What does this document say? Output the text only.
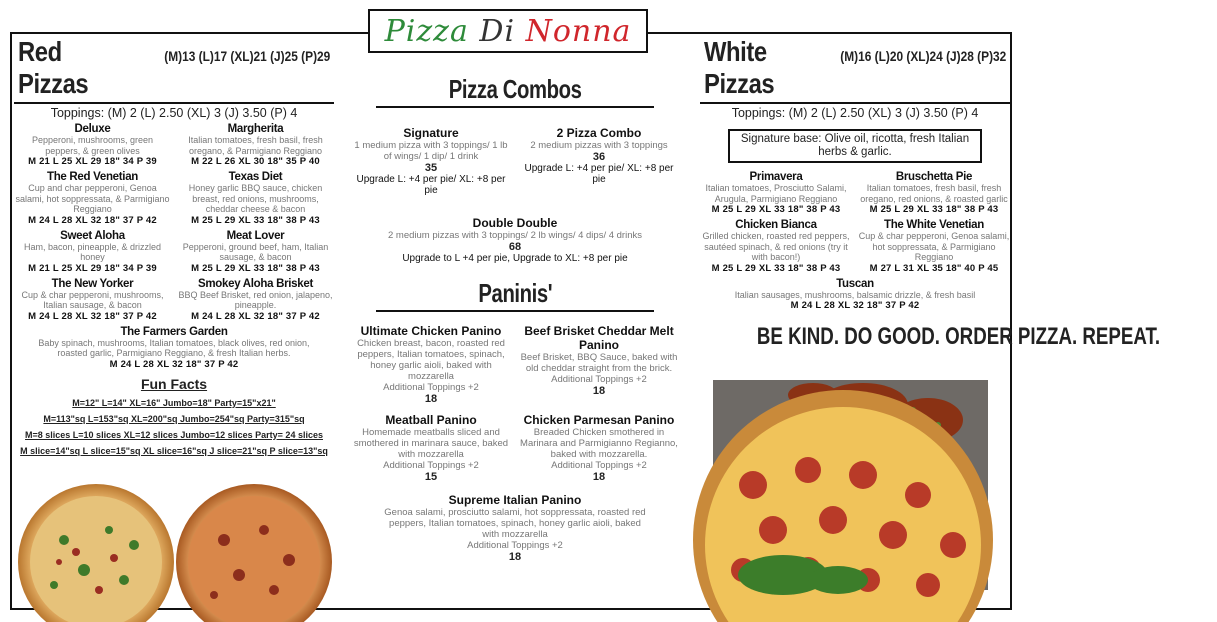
Pizza
Di
Nonna
Red Pizzas
(M)13 (L)17 (XL)21 (J)25 (P)29
Toppings: (M) 2 (L) 2.50 (XL) 3 (J) 3.50 (P) 4
Deluxe
Pepperoni, mushrooms, green peppers, & green olives
M 21 L 25 XL 29 18" 34 P 39
Margherita
Italian tomatoes, fresh basil, fresh oregano, & Parmigiano Reggiano
M 22 L 26 XL 30 18" 35 P 40
The Red Venetian
Cup and char pepperoni, Genoa salami, hot soppressata, & Parmigiano Reggiano
M 24 L 28 XL 32 18" 37 P 42
Texas Diet
Honey garlic BBQ sauce, chicken breast, red onions, mushrooms, cheddar cheese & bacon
M 25 L 29 XL 33 18" 38 P 43
Sweet Aloha
Ham, bacon, pineapple, & drizzled honey
M 21 L 25 XL 29 18" 34 P 39
Meat Lover
Pepperoni, ground beef, ham, Italian sausage, & bacon
M 25 L 29 XL 33 18" 38 P 43
The New Yorker
Cup & char pepperoni, mushrooms, Italian sausage, & bacon
M 24 L 28 XL 32 18" 37 P 42
Smokey Aloha Brisket
BBQ Beef Brisket, red onion, jalapeno, pineapple.
M 24 L 28 XL 32 18" 37 P 42
The Farmers Garden
Baby spinach, mushrooms, Italian tomatoes, black olives, red onion, roasted garlic, Parmigiano Reggiano, & fresh Italian herbs.
M 24 L 28 XL 32 18" 37 P 42
Fun Facts
M=12" L=14" XL=16" Jumbo=18" Party=15"x21"
M=113"sq L=153"sq XL=200"sq Jumbo=254"sq Party=315"sq
M=8 slices L=10 slices XL=12 slices Jumbo=12 slices Party= 24 slices
M slice=14"sq L slice=15"sq XL slice=16"sq J slice=21"sq P slice=13"sq
Pizza Combos
Signature
1 medium pizza with 3 toppings/ 1 lb of wings/ 1 dip/ 1 drink
35
Upgrade L: +4 per pie/ XL: +8 per pie
2 Pizza Combo
2 medium pizzas with 3 toppings
36
Upgrade L: +4 per pie/ XL: +8 per pie
Double Double
2 medium pizzas with 3 toppings/ 2 lb wings/ 4 dips/ 4 drinks
68
Upgrade to L +4 per pie, Upgrade to XL: +8 per pie
Paninis'
Ultimate Chicken Panino
Chicken breast, bacon, roasted red peppers, Italian tomatoes, spinach, honey garlic aioli, baked with mozzarella
Additional Toppings +2
18
Beef Brisket Cheddar Melt Panino
Beef Brisket, BBQ Sauce, baked with old cheddar straight from the brick.
Additional Toppings +2
18
Meatball Panino
Homemade meatballs sliced and smothered in marinara sauce, baked with mozzarella
Additional Toppings +2
15
Chicken Parmesan Panino
Breaded Chicken smothered in Marinara and Parmigianno Regianno, baked with mozzarella.
Additional Toppings +2
18
Supreme Italian Panino
Genoa salami, prosciutto salami, hot soppressata, roasted red peppers, Italian tomatoes, spinach, honey garlic aioli, baked with mozzarella
Additional Toppings +2
18
White Pizzas
(M)16 (L)20 (XL)24 (J)28 (P)32
Toppings: (M) 2 (L) 2.50 (XL) 3 (J) 3.50 (P) 4
Signature base: Olive oil, ricotta, fresh Italian herbs & garlic.
Primavera
Italian tomatoes, Prosciutto Salami, Arugula, Parmigiano Reggiano
M 25 L 29 XL 33 18" 38 P 43
Bruschetta Pie
Italian tomatoes, fresh basil, fresh oregano, red onions, & roasted garlic
M 25 L 29 XL 33 18" 38 P 43
Chicken Bianca
Grilled chicken, roasted red peppers, sautéed spinach, & red onions (try it with bacon!)
M 25 L 29 XL 33 18" 38 P 43
The White Venetian
Cup & char pepperoni, Genoa salami, hot soppressata, & Parmigiano Reggiano
M 27 L 31 XL 35 18" 40 P 45
Tuscan
Italian sausages, mushrooms, balsamic drizzle, & fresh basil
M 24 L 28 XL 32 18" 37 P 42
BE KIND. DO GOOD. ORDER PIZZA. REPEAT.
